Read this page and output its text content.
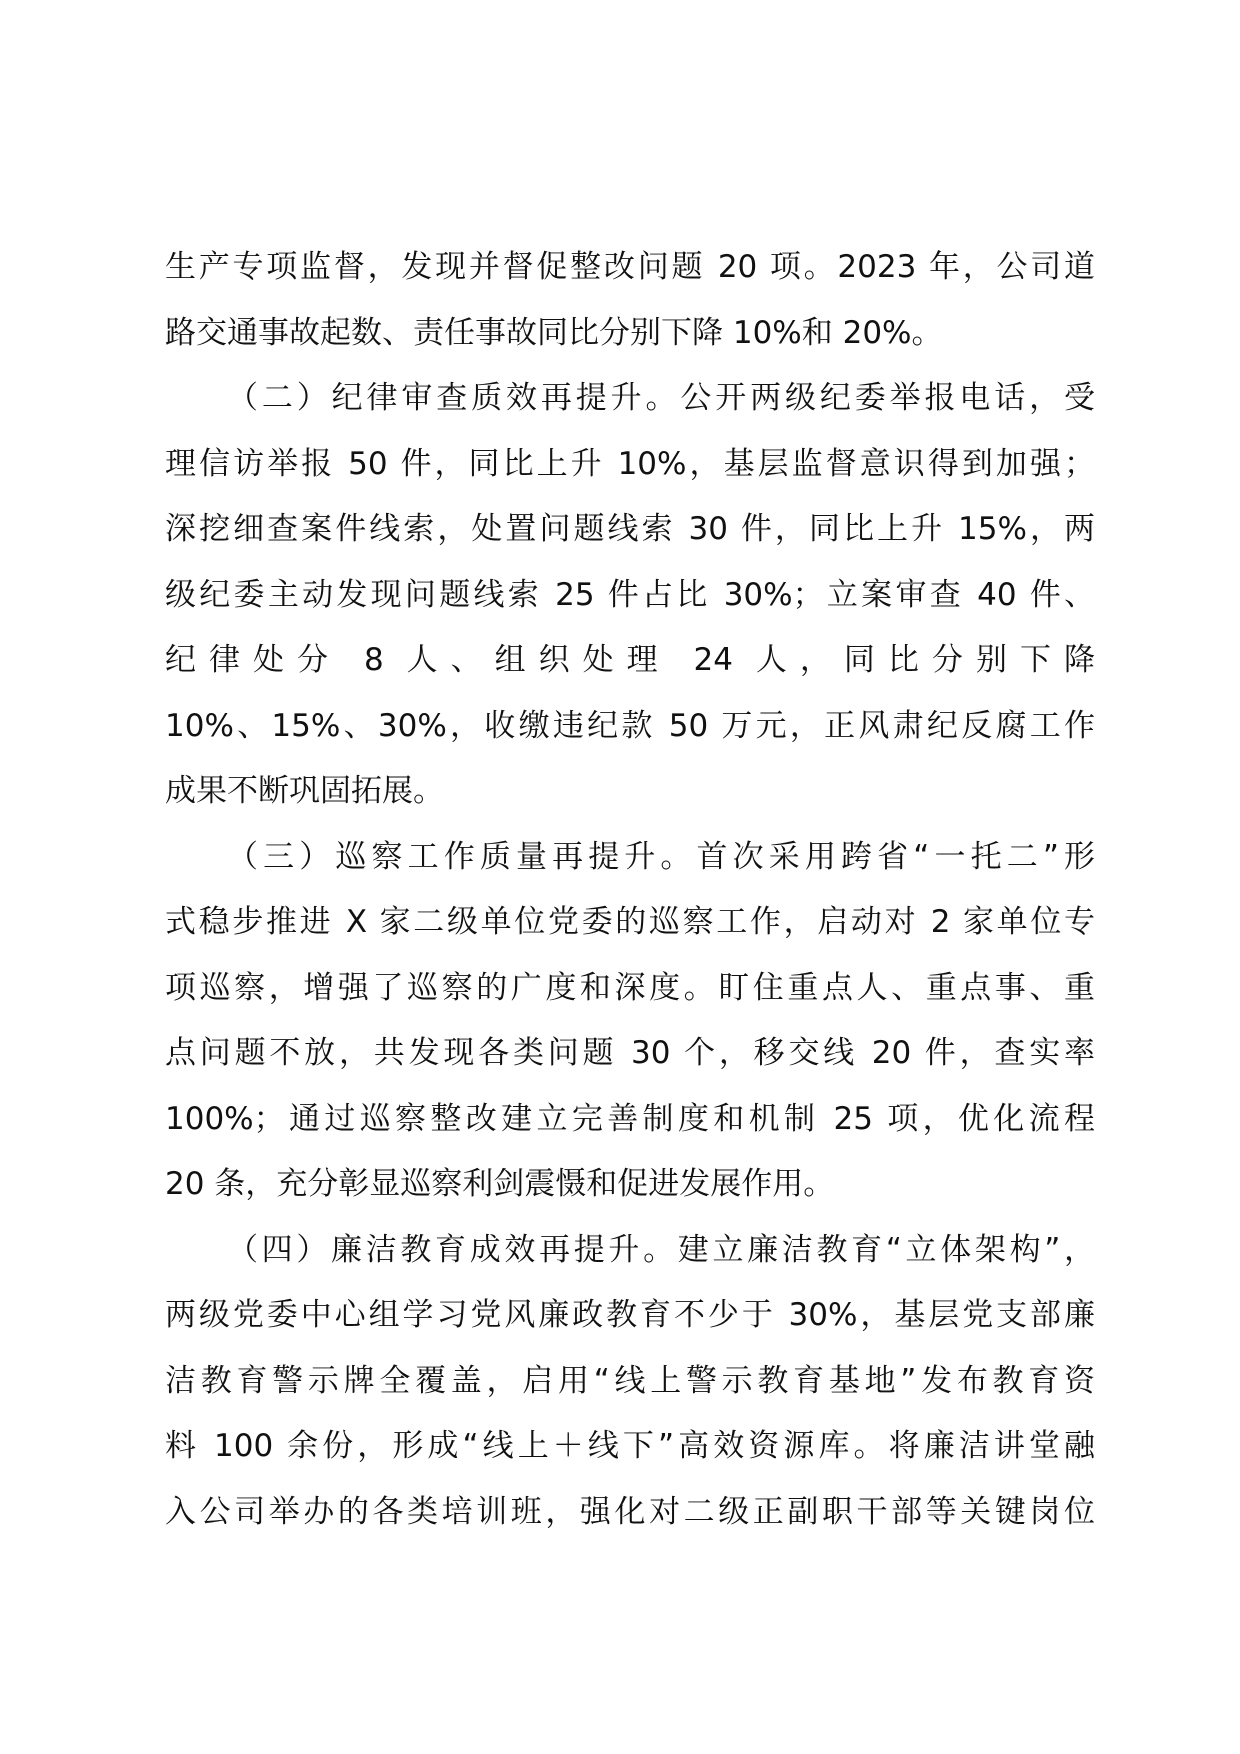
生产专项监督，发现并督促整改问题 20 项。2023 年，公司道
路交通事故起数、责任事故同比分别下降 10%和 20%。
（二）纪律审查质效再提升。公开两级纪委举报电话，受
理信访举报 50 件，同比上升 10%，基层监督意识得到加强；
深挖细查案件线索，处置问题线索 30 件，同比上升 15%，两
级纪委主动发现问题线索 25 件占比 30%；立案审查 40 件、
纪律处分 8 人、组织处理 24 人，同比分别下降
10%、15%、30%，收缴违纪款 50 万元，正风肃纪反腐工作
成果不断巩固拓展。
（三）巡察工作质量再提升。首次采用跨省“一托二”形
式稳步推进 X 家二级单位党委的巡察工作，启动对 2 家单位专
项巡察，增强了巡察的广度和深度。盯住重点人、重点事、重
点问题不放，共发现各类问题 30 个，移交线 20 件，查实率
100%；通过巡察整改建立完善制度和机制 25 项，优化流程
20 条，充分彰显巡察利剑震慑和促进发展作用。
（四）廉洁教育成效再提升。建立廉洁教育“立体架构”，
两级党委中心组学习党风廉政教育不少于 30%，基层党支部廉
洁教育警示牌全覆盖，启用“线上警示教育基地”发布教育资
料 100 余份，形成“线上＋线下”高效资源库。将廉洁讲堂融
入公司举办的各类培训班，强化对二级正副职干部等关键岗位
